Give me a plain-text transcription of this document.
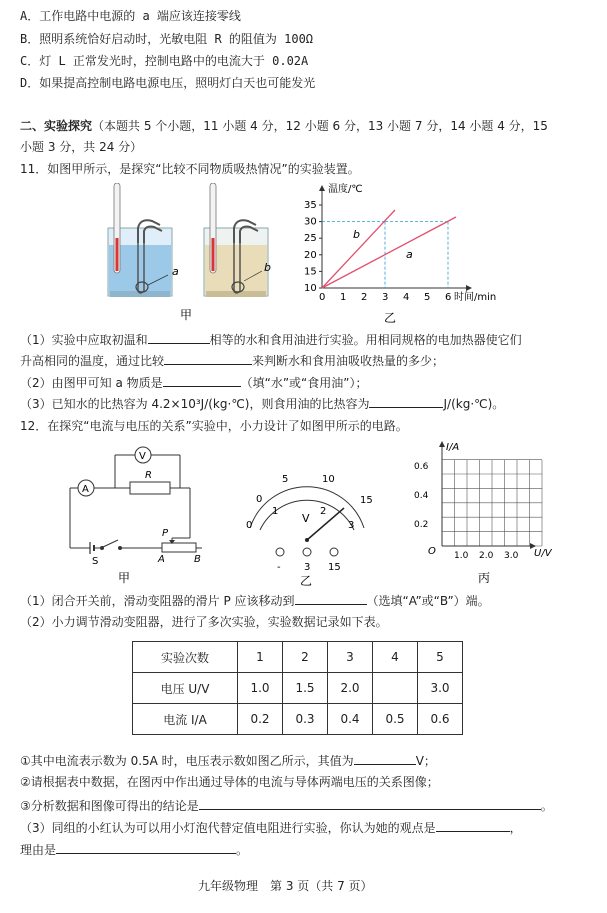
A．工作电路中电源的 a 端应该连接零线
B．照明系统恰好启动时，光敏电阻 R 的阻值为 100Ω
C．灯 L 正常发光时，控制电路中的电流大于 0.02A
D．如果提高控制电路电源电压，照明灯白天也可能发光
二、实验探究（本题共 5 个小题，11 小题 4 分，12 小题 6 分，13 小题 7 分，14 小题 4 分，15
小题 3 分，共 24 分）
11．如图甲所示，是探究“比较不同物质吸热情况”的实验装置。
a	b
甲
温度/℃
时间/min
10
15
20
25
30
35
0 1 2 3 4 5 6
b
a
乙
（1）实验中应取初温和	相等的水和食用油进行实验。用相同规格的电加热器使它们
升高相同的温度，通过比较	来判断水和食用油吸收热量的多少；
（2）由图甲可知 a 物质是	（填“水”或“食用油”）；
（3）已知水的比热容为 4.2×10³J/(kg·℃)，则食用油的比热容为	J/(kg·℃)。
12．在探究“电流与电压的关系”实验中，小力设计了如图甲所示的电路。
A
V
R
P
S	A	B
甲
0
1	2
3
0
5	10
15
V
- 3 15
乙
I/A
U/V
O
0.2
0.4
0.6
1.0 2.0 3.0
丙
（1）闭合开关前，滑动变阻器的滑片 P 应该移动到	（选填“A”或“B”）端。
（2）小力调节滑动变阻器，进行了多次实验，实验数据记录如下表。
实验次数	1	2	3	4	5
电压 U/V	1.0	1.5	2.0		3.0
电流 I/A	0.2	0.3	0.4	0.5	0.6
①其中电流表示数为 0.5A 时，电压表示数如图乙所示，其值为	V；
②请根据表中数据，在图丙中作出通过导体的电流与导体两端电压的关系图像；
③分析数据和图像可得出的结论是	。
（3）同组的小红认为可以用小灯泡代替定值电阻进行实验，你认为她的观点是	，
理由是	。
九年级物理　第 3 页（共 7 页）
